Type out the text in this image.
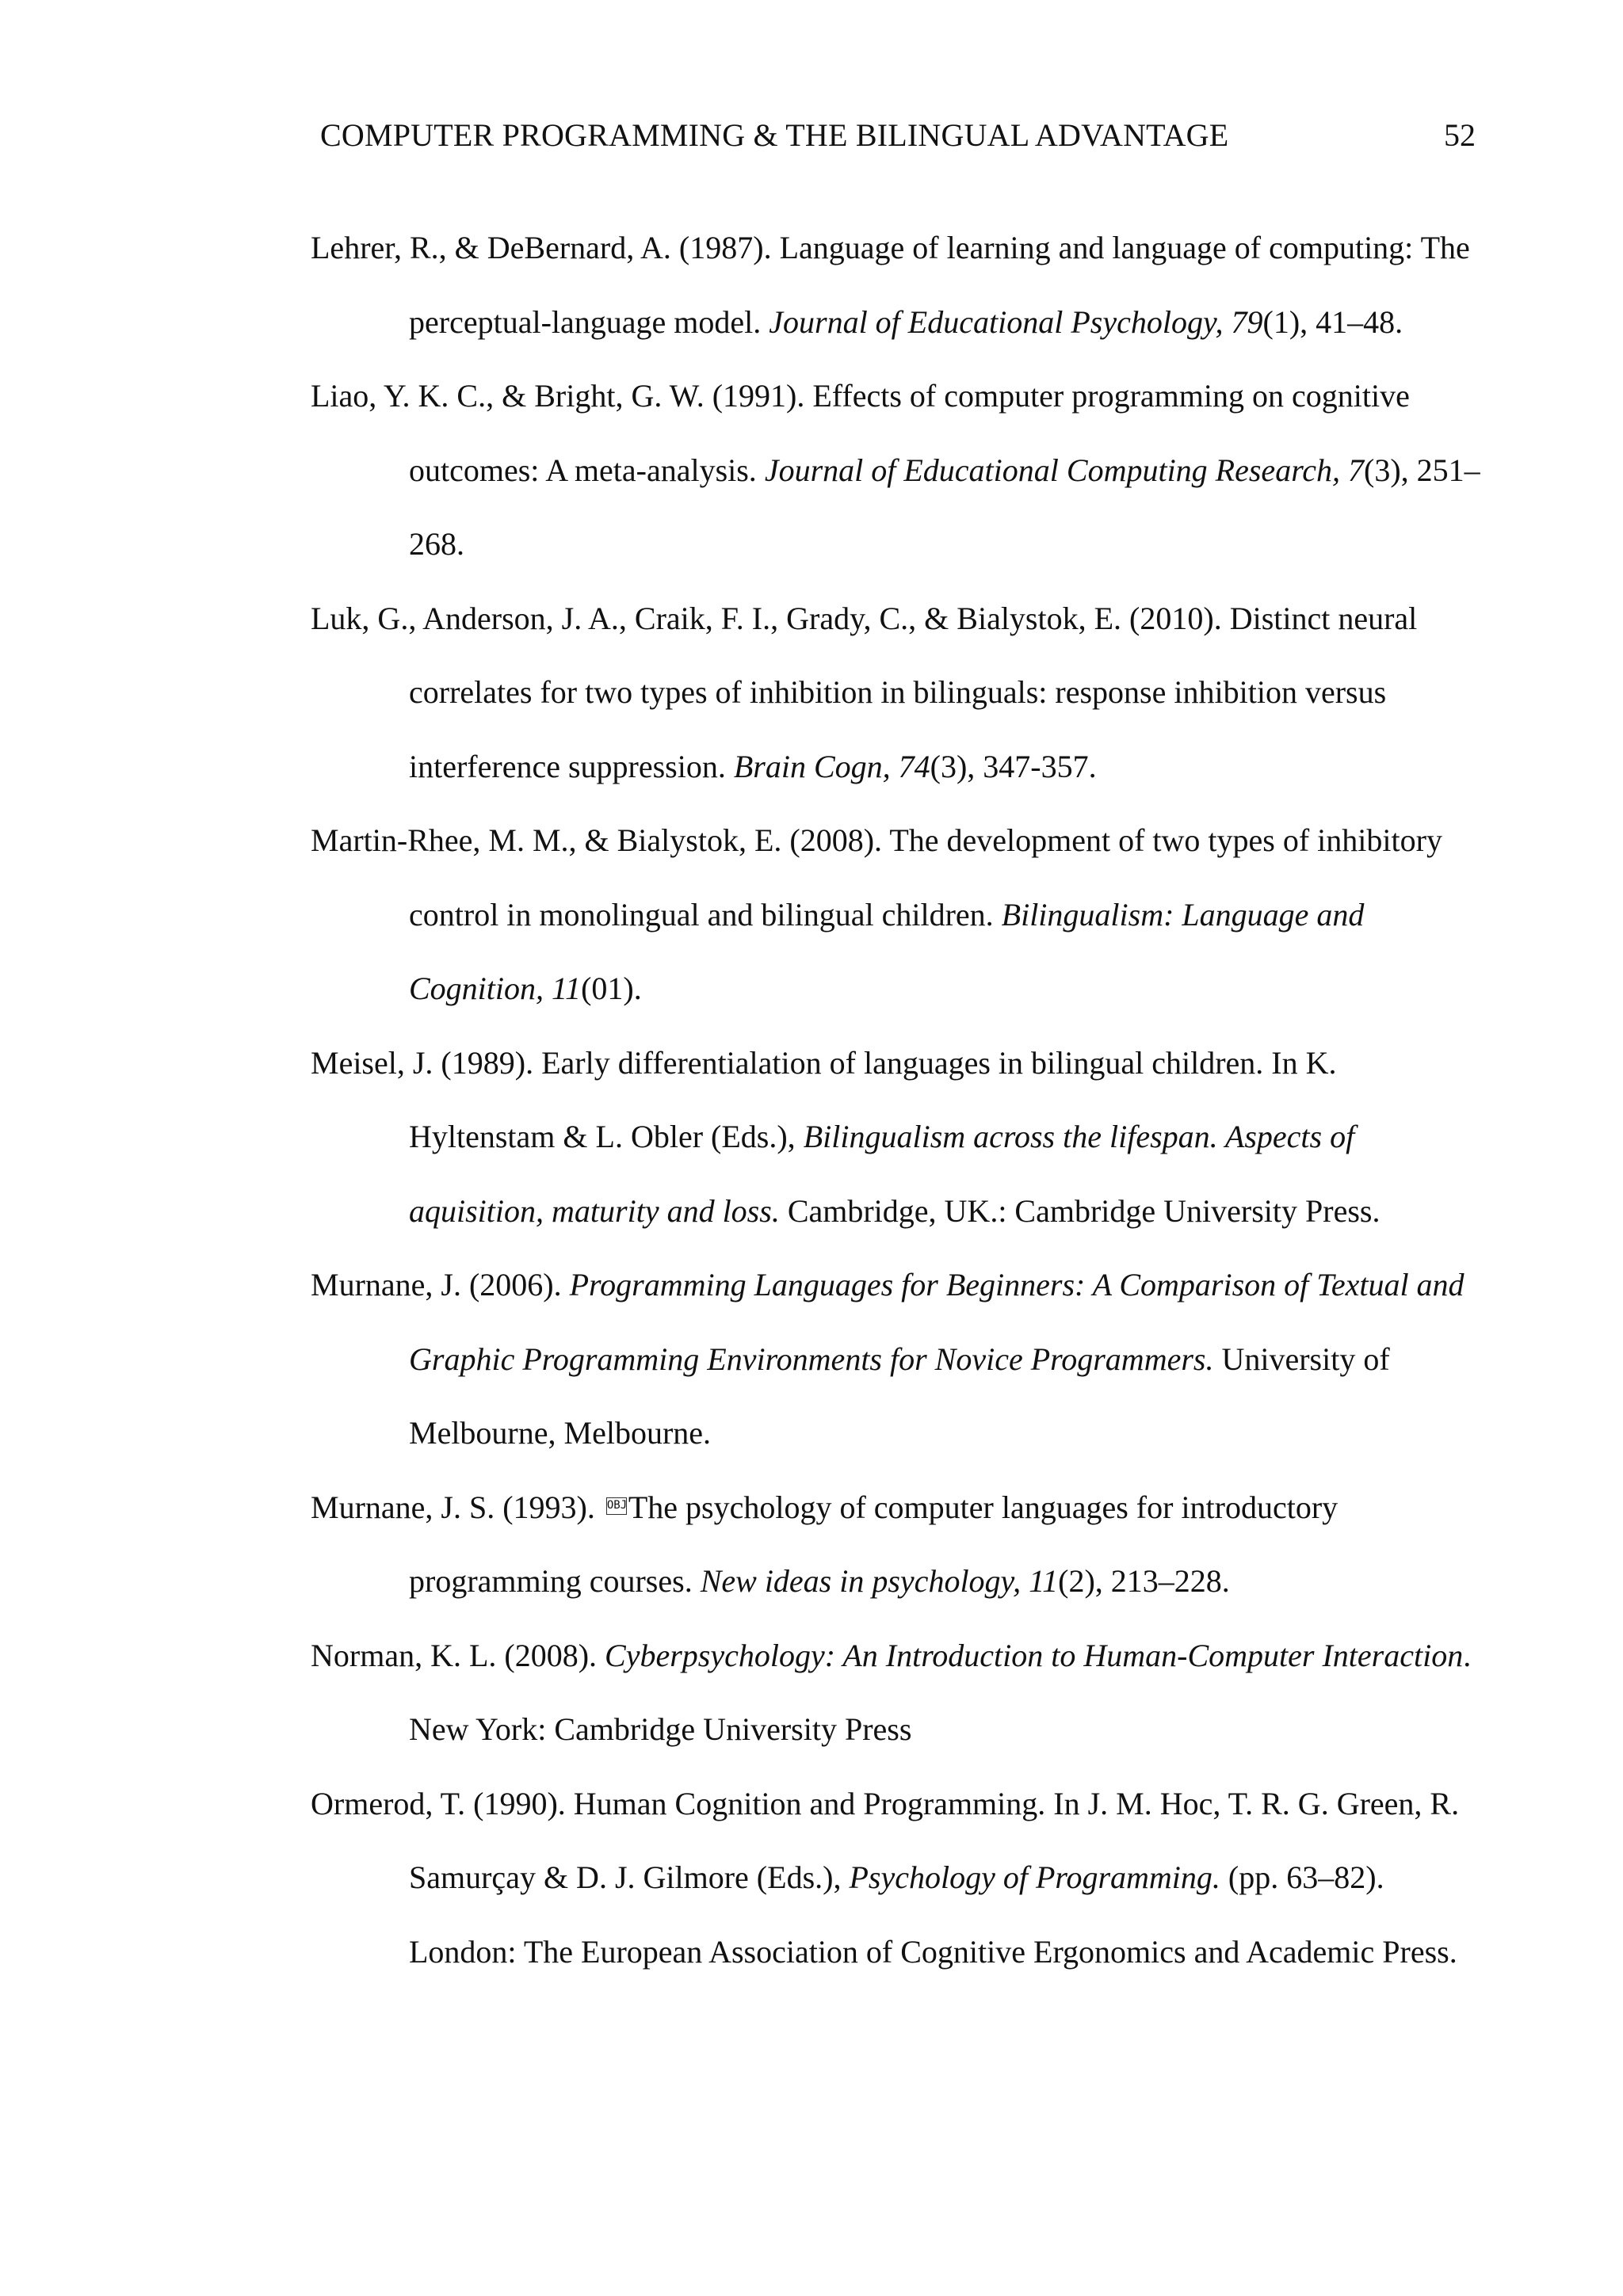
COMPUTER PROGRAMMING & THE BILINGUAL ADVANTAGE	52

Lehrer, R., & DeBernard, A. (1987). Language of learning and language of computing: The perceptual-language model. Journal of Educational Psychology, 79(1), 41–48.

Liao, Y. K. C., & Bright, G. W. (1991). Effects of computer programming on cognitive outcomes: A meta-analysis. Journal of Educational Computing Research, 7(3), 251–268.

Luk, G., Anderson, J. A., Craik, F. I., Grady, C., & Bialystok, E. (2010). Distinct neural correlates for two types of inhibition in bilinguals: response inhibition versus interference suppression. Brain Cogn, 74(3), 347-357.

Martin-Rhee, M. M., & Bialystok, E. (2008). The development of two types of inhibitory control in monolingual and bilingual children. Bilingualism: Language and Cognition, 11(01).

Meisel, J. (1989). Early differentialation of languages in bilingual children. In K. Hyltenstam & L. Obler (Eds.), Bilingualism across the lifespan. Aspects of aquisition, maturity and loss. Cambridge, UK.: Cambridge University Press.

Murnane, J. (2006). Programming Languages for Beginners: A Comparison of Textual and Graphic Programming Environments for Novice Programmers. University of Melbourne, Melbourne.

Murnane, J. S. (1993). OBJThe psychology of computer languages for introductory programming courses. New ideas in psychology, 11(2), 213–228.

Norman, K. L. (2008). Cyberpsychology: An Introduction to Human-Computer Interaction. New York: Cambridge University Press

Ormerod, T. (1990). Human Cognition and Programming. In J. M. Hoc, T. R. G. Green, R. Samurçay & D. J. Gilmore (Eds.), Psychology of Programming. (pp. 63–82). London: The European Association of Cognitive Ergonomics and Academic Press.
